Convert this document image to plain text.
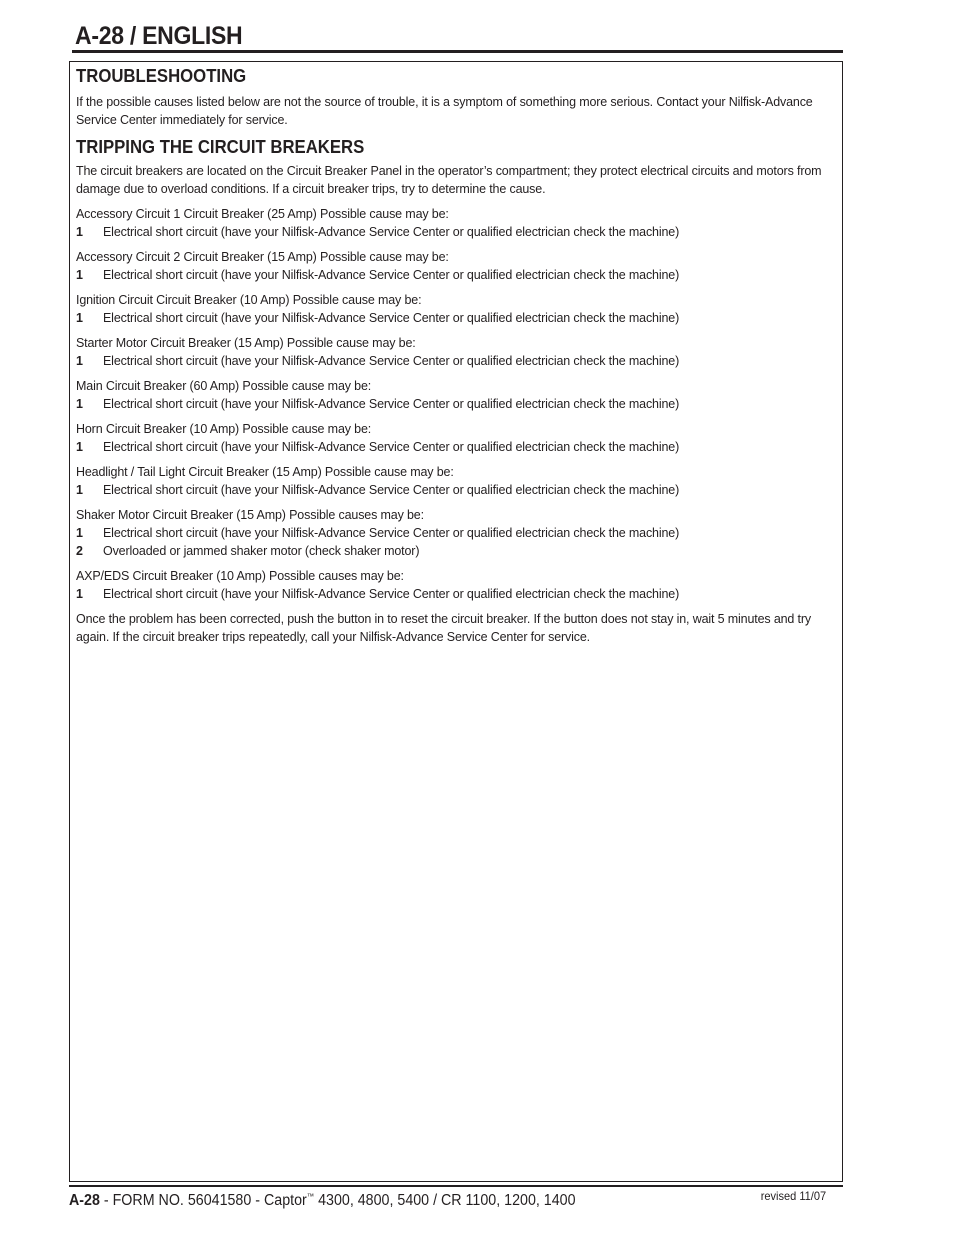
A-28 / ENGLISH
TROUBLESHOOTING

If the possible causes listed below are not the source of trouble, it is a symptom of something more serious. Contact your Nilfisk-Advance
Service Center immediately for service.

TRIPPING THE CIRCUIT BREAKERS

The circuit breakers are located on the Circuit Breaker Panel in the operator’s compartment; they protect electrical circuits and motors from
damage due to overload conditions. If a circuit breaker trips, try to determine the cause.

Accessory Circuit 1 Circuit Breaker (25 Amp) Possible cause may be:
1	Electrical short circuit (have your Nilfisk-Advance Service Center or qualified electrician check the machine)
Accessory Circuit 2 Circuit Breaker (15 Amp) Possible cause may be:
1	Electrical short circuit (have your Nilfisk-Advance Service Center or qualified electrician check the machine)
Ignition Circuit Circuit Breaker (10 Amp) Possible cause may be:
1	Electrical short circuit (have your Nilfisk-Advance Service Center or qualified electrician check the machine)
Starter Motor Circuit Breaker (15 Amp) Possible cause may be:
1	Electrical short circuit (have your Nilfisk-Advance Service Center or qualified electrician check the machine)
Main Circuit Breaker (60 Amp) Possible cause may be:
1	Electrical short circuit (have your Nilfisk-Advance Service Center or qualified electrician check the machine)
Horn Circuit Breaker (10 Amp) Possible cause may be:
1	Electrical short circuit (have your Nilfisk-Advance Service Center or qualified electrician check the machine)
Headlight / Tail Light Circuit Breaker (15 Amp) Possible cause may be:
1	Electrical short circuit (have your Nilfisk-Advance Service Center or qualified electrician check the machine)
Shaker Motor Circuit Breaker (15 Amp) Possible causes may be:
1	Electrical short circuit (have your Nilfisk-Advance Service Center or qualified electrician check the machine)
2	Overloaded or jammed shaker motor (check shaker motor)
AXP/EDS Circuit Breaker (10 Amp) Possible causes may be:
1	Electrical short circuit (have your Nilfisk-Advance Service Center or qualified electrician check the machine)

Once the problem has been corrected, push the button in to reset the circuit breaker. If the button does not stay in, wait 5 minutes and try
again. If the circuit breaker trips repeatedly, call your Nilfisk-Advance Service Center for service.

A-28 - FORM NO. 56041580 - Captor™ 4300, 4800, 5400 / CR 1100, 1200, 1400	revised 11/07
